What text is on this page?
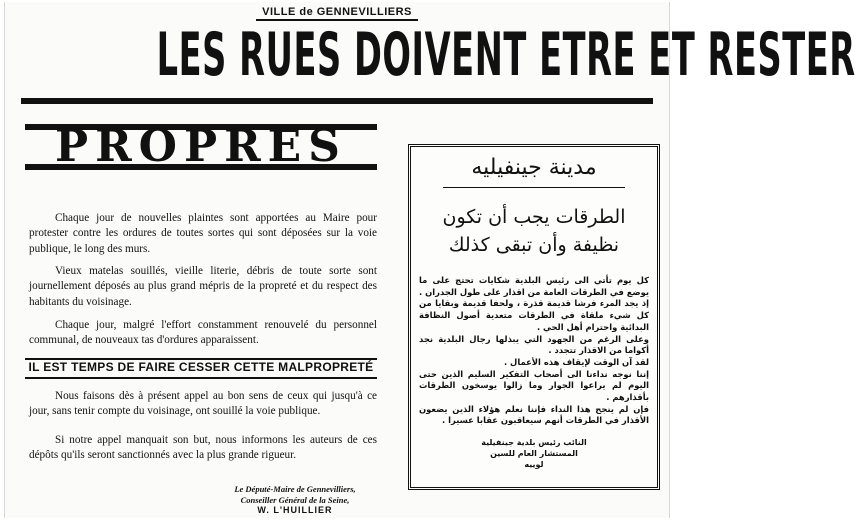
VILLE de GENNEVILLIERS
LES RUES DOIVENT ETRE ET RESTER
PROPRES

Chaque jour de nouvelles plaintes sont apportées au Maire pour protester contre les ordures de toutes sortes qui sont déposées sur la voie publique, le long des murs.

Vieux matelas souillés, vieille literie, débris de toute sorte sont journellement déposés au plus grand mépris de la propreté et du respect des habitants du voisinage.

Chaque jour, malgré l'effort constamment renouvelé du personnel communal, de nouveaux tas d'ordures apparaissent.

IL EST TEMPS DE FAIRE CESSER CETTE MALPROPRETÉ

Nous faisons dès à présent appel au bon sens de ceux qui jusqu'à ce jour, sans tenir compte du voisinage, ont souillé la voie publique.

Si notre appel manquait son but, nous informons les auteurs de ces dépôts qu'ils seront sanctionnés avec la plus grande rigueur.

Le Député-Maire de Gennevilliers,
Conseiller Général de la Seine,
W. L'HUILLIER
مدينة جينفيليه
الطرقات يجب أن تكون
نظيفة وأن تبقى كذلك

كل يوم تأتي الى رئيس البلدية شكايات تحتج على ما يوضع في الطرقات العامة من اقذار على طول الجدران . إذ يجد المرء فرشا قديمة قذرة ، ولحفا قديمة وبقايا من كل شيء ملقاة في الطرقات متعدية أصول النظافة البدائية واحترام أهل الحي .

وعلى الرغم من الجهود التي يبذلها رجال البلدية نجد أكواما من الاقذار تتجدد .

لقد آن الوقت لإيقاف هذه الأعمال .

إننا نوجه نداءنا الى أصحاب التفكير السليم الذين حتى اليوم لم يراعوا الجوار وما زالوا يوسخون الطرقات بأقذارهم .

فإن لم ينجح هذا النداء فإننا نعلم هؤلاء الذين يضعون الأقذار في الطرقات أنهم سيعاقبون عقابا عسيرا .

النائب رئيس بلدية جينفيلية
المستشار العام للسين
لوييه
